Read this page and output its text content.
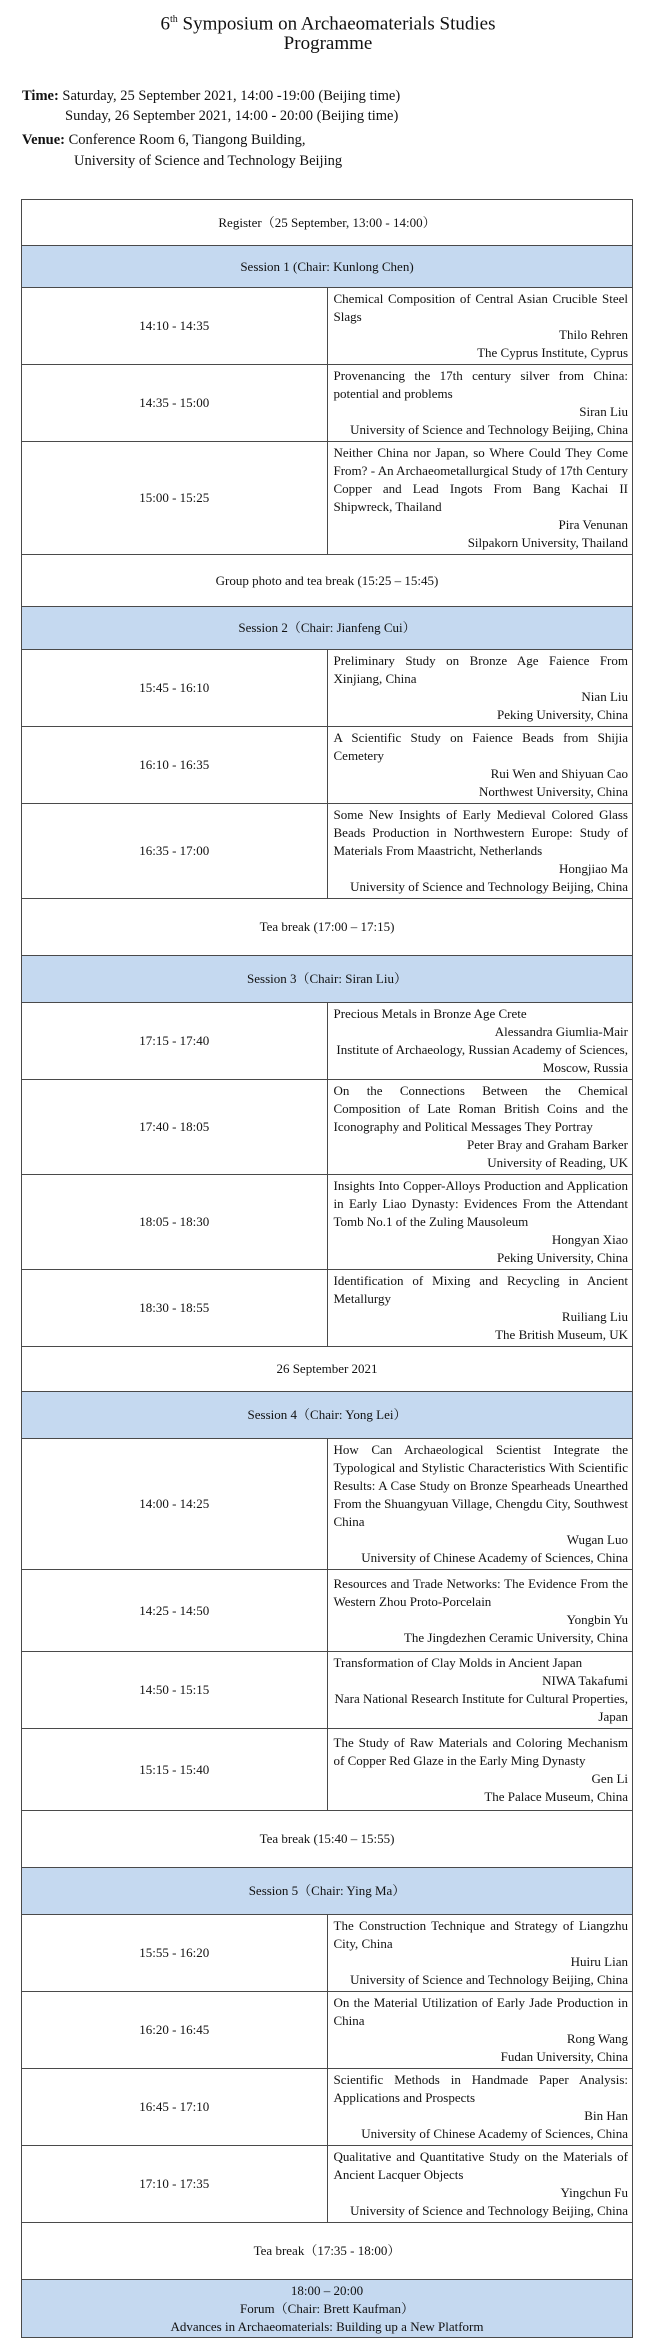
6th Symposium on Archaeomaterials Studies
Programme
Time: Saturday, 25 September 2021, 14:00 -19:00 (Beijing time)
Sunday, 26 September 2021, 14:00 - 20:00 (Beijing time)
Venue: Conference Room 6, Tiangong Building,
University of Science and Technology Beijing
Register（25 September, 13:00 - 14:00）	
Session 1 (Chair: Kunlong Chen)	
14:10 - 14:35	Chemical Composition of Central Asian Crucible Steel Slags
Thilo Rehren
The Cyprus Institute, Cyprus

14:35 - 15:00	Provenancing the 17th century silver from China: potential and problems
Siran Liu
University of Science and Technology Beijing, China

15:00 - 15:25	Neither China nor Japan, so Where Could They Come From? - An Archaeometallurgical Study of 17th Century Copper and Lead Ingots From Bang Kachai II Shipwreck, Thailand
Pira Venunan
Silpakorn University, Thailand

Group photo and tea break (15:25 – 15:45)	
Session 2（Chair: Jianfeng Cui）	
15:45 - 16:10	Preliminary Study on Bronze Age Faience From Xinjiang, China
Nian Liu
Peking University, China

16:10 - 16:35	A Scientific Study on Faience Beads from Shijia Cemetery
Rui Wen and Shiyuan Cao
Northwest University, China

16:35 - 17:00	Some New Insights of Early Medieval Colored Glass Beads Production in Northwestern Europe: Study of Materials From Maastricht, Netherlands
Hongjiao Ma
University of Science and Technology Beijing, China

Tea break (17:00 – 17:15)	
Session 3（Chair: Siran Liu）	
17:15 - 17:40	Precious Metals in Bronze Age Crete
Alessandra Giumlia-Mair
Institute of Archaeology, Russian Academy of Sciences, Moscow, Russia

17:40 - 18:05	On the Connections Between the Chemical Composition of Late Roman British Coins and the Iconography and Political Messages They Portray
Peter Bray and Graham Barker
University of Reading, UK

18:05 - 18:30	Insights Into Copper-Alloys Production and Application in Early Liao Dynasty: Evidences From the Attendant Tomb No.1 of the Zuling Mausoleum
Hongyan Xiao
Peking University, China

18:30 - 18:55	Identification of Mixing and Recycling in Ancient Metallurgy
Ruiliang Liu
The British Museum, UK

26 September 2021	
Session 4（Chair: Yong Lei）	
14:00 - 14:25	How Can Archaeological Scientist Integrate the Typological and Stylistic Characteristics With Scientific Results: A Case Study on Bronze Spearheads Unearthed From the Shuangyuan Village, Chengdu City, Southwest China
Wugan Luo
University of Chinese Academy of Sciences, China

14:25 - 14:50	Resources and Trade Networks: The Evidence From the Western Zhou Proto-Porcelain
Yongbin Yu
The Jingdezhen Ceramic University, China

14:50 - 15:15	Transformation of Clay Molds in Ancient Japan
NIWA Takafumi
Nara National Research Institute for Cultural Properties, Japan

15:15 - 15:40	The Study of Raw Materials and Coloring Mechanism of Copper Red Glaze in the Early Ming Dynasty
Gen Li
The Palace Museum, China

Tea break (15:40 – 15:55)	
Session 5（Chair: Ying Ma）	
15:55 - 16:20	The Construction Technique and Strategy of Liangzhu City, China
Huiru Lian
University of Science and Technology Beijing, China

16:20 - 16:45	On the Material Utilization of Early Jade Production in China
Rong Wang
Fudan University, China

16:45 - 17:10	Scientific Methods in Handmade Paper Analysis: Applications and Prospects
Bin Han
University of Chinese Academy of Sciences, China

17:10 - 17:35	Qualitative and Quantitative Study on the Materials of Ancient Lacquer Objects
Yingchun Fu
University of Science and Technology Beijing, China

Tea break（17:35 - 18:00）	

18:00 – 20:00
Forum（Chair: Brett Kaufman）
Advances in Archaeomaterials: Building up a New Platform	
